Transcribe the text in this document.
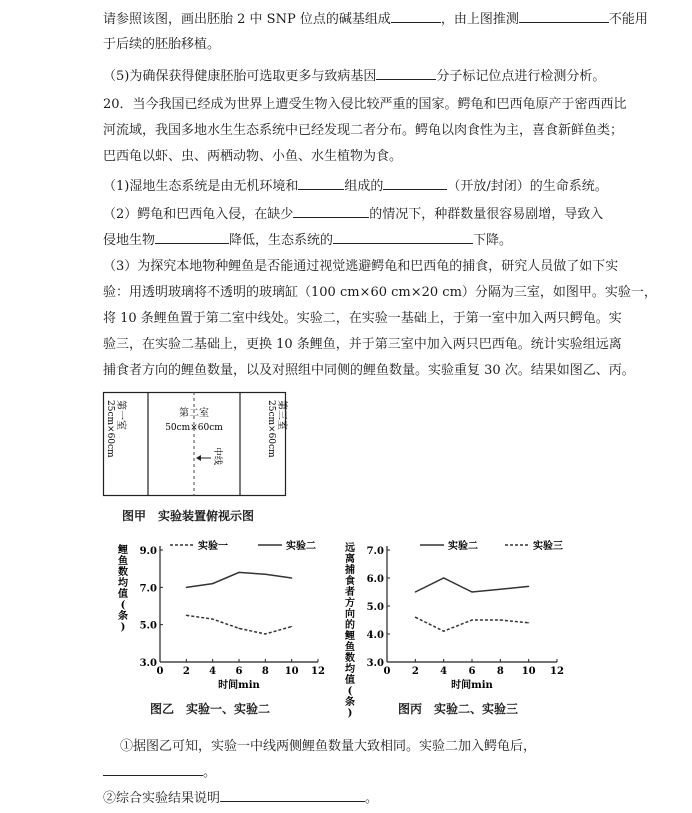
请参照该图，画出胚胎 2 中 SNP 位点的碱基组成	，由上图推测	不能用
于后续的胚胎移植。
（5)为确保获得健康胚胎可选取更多与致病基因	分子标记位点进行检测分析。
20．当今我国已经成为世界上遭受生物入侵比较严重的国家。鳄龟和巴西龟原产于密西西比
河流域，我国多地水生生态系统中已经发现二者分布。鳄龟以肉食性为主，喜食新鲜鱼类；
巴西龟以虾、虫、两栖动物、小鱼、水生植物为食。
（1)湿地生态系统是由无机环境和	组成的	（开放/封闭）的生命系统。
（2）鳄龟和巴西龟入侵，在缺少	的情况下，种群数量很容易剧增，导致入
侵地生物	降低，生态系统的	下降。
（3）为探究本地物种鲤鱼是否能通过视觉逃避鳄龟和巴西龟的捕食，研究人员做了如下实
验：用透明玻璃将不透明的玻璃缸（100 cm×60 cm×20 cm）分隔为三室，如图甲。实验一，
将 10 条鲤鱼置于第二室中线处。实验二，在实验一基础上，于第一室中加入两只鳄龟。实
验三，在实验二基础上，更换 10 条鲤鱼，并于第三室中加入两只巴西龟。统计实验组远离
捕食者方向的鲤鱼数量，以及对照组中同侧的鲤鱼数量。实验重复 30 次。结果如图乙、丙。
第一室
25cm×60cm	第二室
50cm×60cm	第三室
25cm×60cm
中线
图甲　实验装置俯视示图
鲤
鱼
数
均
值
(
条
)
3.0
5.0
7.0
9.0
0 2 4 6 8 10 12
时间min
实验一	实验二	远
离
捕
食
者
方
向
的
鲤
鱼
数
均
值
(
条
)
3.0
4.0
5.0
6.0
7.0
0 2 4 6 8 10 12
时间min
实验二	实验三
图乙　实验一、实验二	图丙　实验二、实验三
①据图乙可知，实验一中线两侧鲤鱼数量大致相同。实验二加入鳄龟后，
。
②综合实验结果说明	。
